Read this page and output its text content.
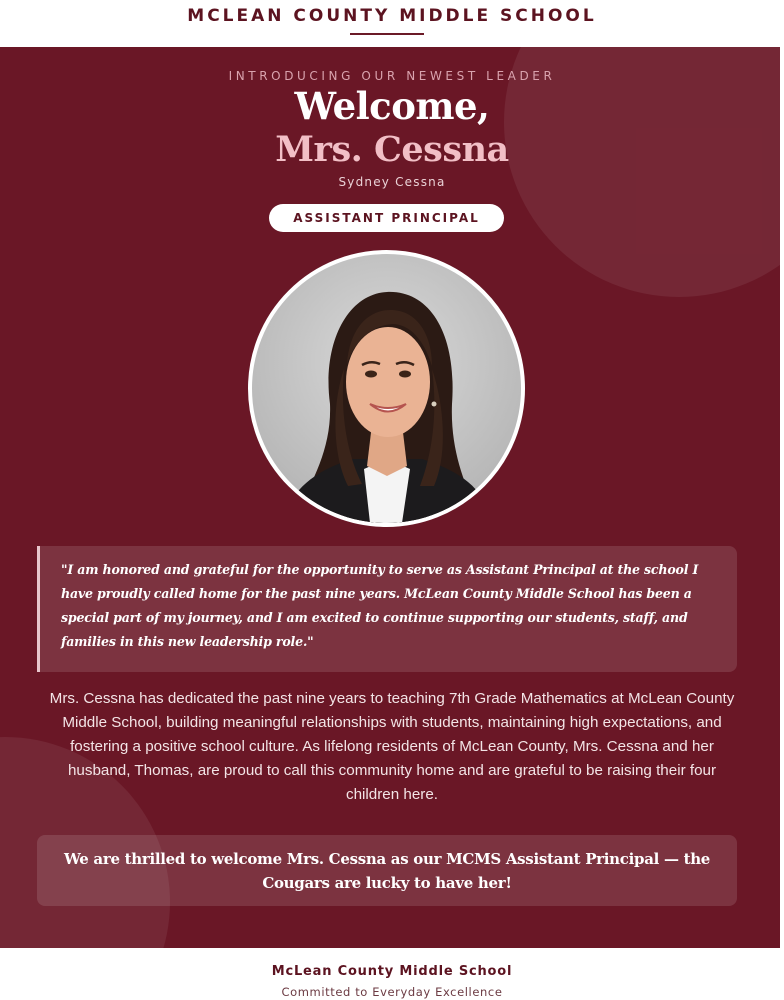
MCLEAN COUNTY MIDDLE SCHOOL
INTRODUCING OUR NEWEST LEADER
Welcome,
Mrs. Cessna
Sydney Cessna
ASSISTANT PRINCIPAL
"I am honored and grateful for the opportunity to serve as Assistant Principal at the school I have proudly called home for the past nine years. McLean County Middle School has been a special part of my journey, and I am excited to continue supporting our students, staff, and families in this new leadership role."
Mrs. Cessna has dedicated the past nine years to teaching 7th Grade Mathematics at McLean County Middle School, building meaningful relationships with students, maintaining high expectations, and fostering a positive school culture. As lifelong residents of McLean County, Mrs. Cessna and her husband, Thomas, are proud to call this community home and are grateful to be raising their four children here.
We are thrilled to welcome Mrs. Cessna as our MCMS Assistant Principal — the Cougars are lucky to have her!
McLean County Middle School
Committed to Everyday Excellence
